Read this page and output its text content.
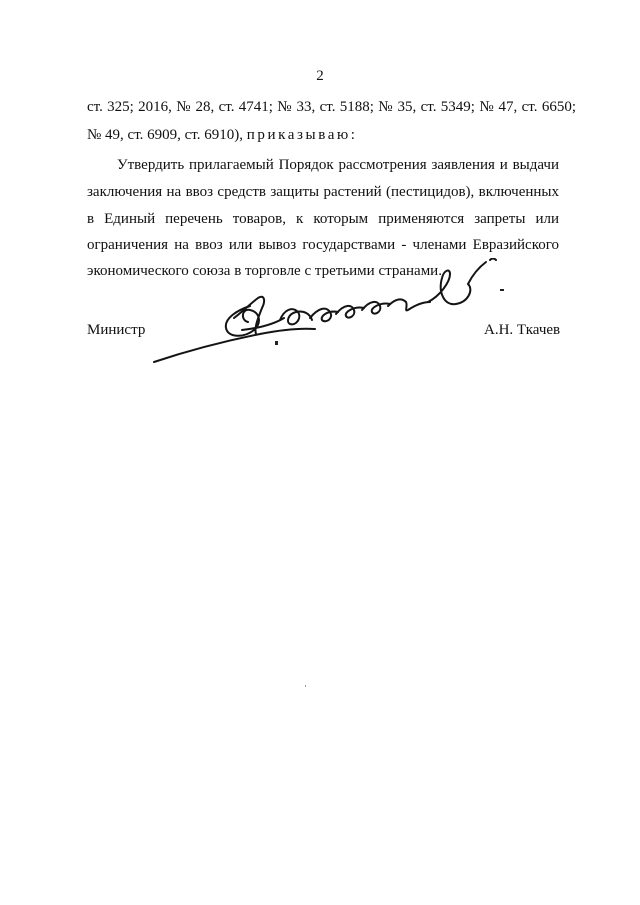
2
ст. 325; 2016, № 28, ст. 4741; № 33, ст. 5188; № 35, ст. 5349; № 47, ст. 6650;
№ 49, ст. 6909, ст. 6910), приказываю:
Утвердить прилагаемый Порядок рассмотрения заявления и выдачи
заключения на ввоз средств защиты растений (пестицидов), включенных
в Единый перечень товаров, к которым применяются запреты или
ограничения на ввоз или вывоз государствами - членами Евразийского
экономического союза в торговле с третьими странами.
Министр	А.Н. Ткачев
